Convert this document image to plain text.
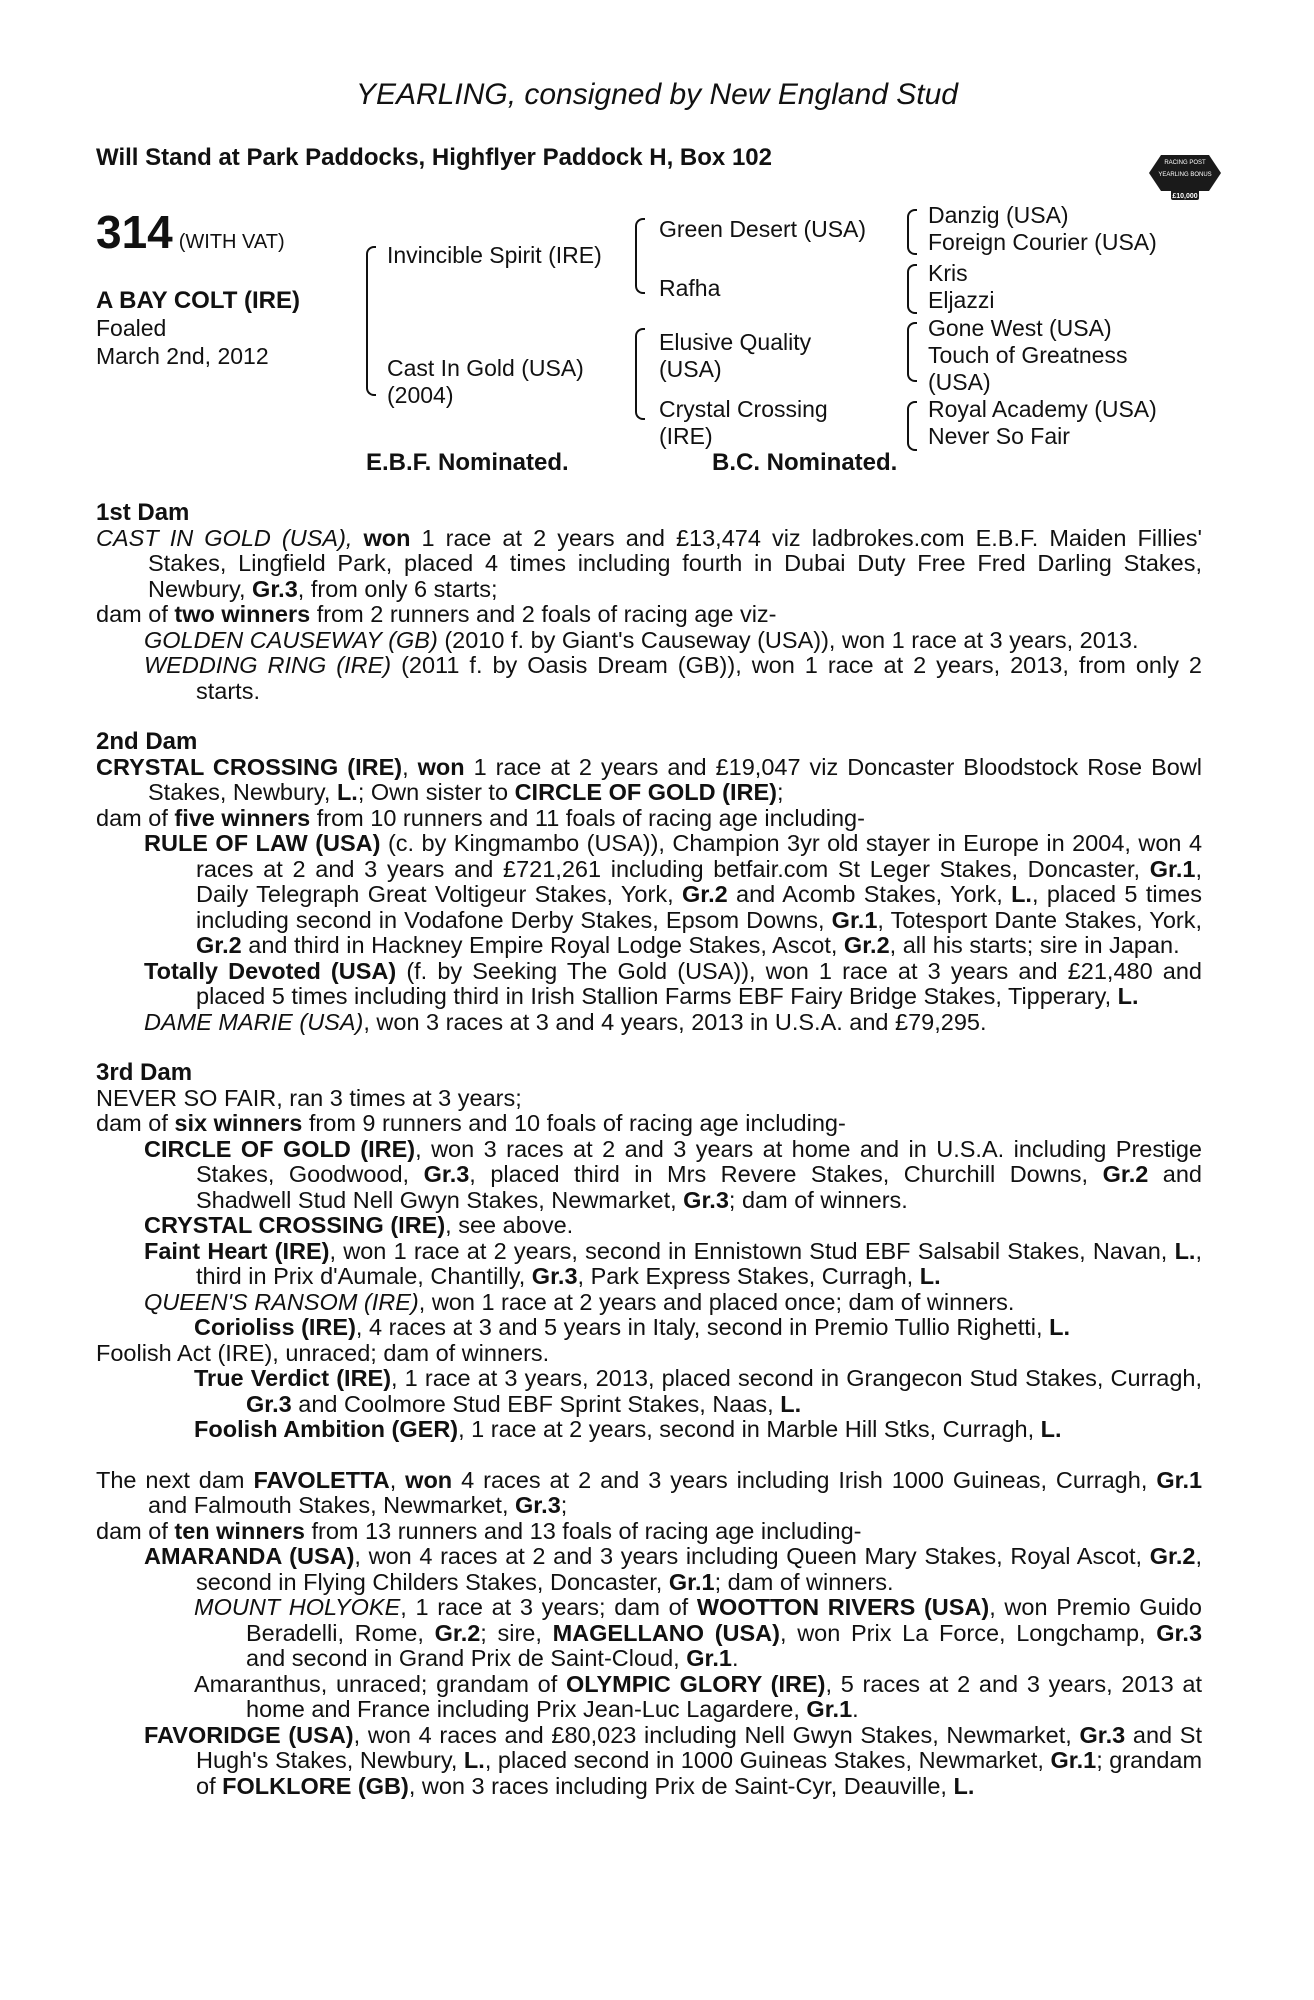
YEARLING, consigned by New England Stud
Will Stand at Park Paddocks, Highflyer Paddock H, Box 102	RACING POST
YEARLING BONUS
£10,000
314 (WITH VAT)
A BAY COLT (IRE)
Foaled
March 2nd, 2012
Invincible Spirit (IRE)
Cast In Gold (USA)
(2004)
Green Desert (USA)
Rafha
Elusive Quality
(USA)
Crystal Crossing
(IRE)
Danzig (USA)
Foreign Courier (USA)
Kris
Eljazzi
Gone West (USA)
Touch of Greatness
(USA)
Royal Academy (USA)
Never So Fair
E.B.F. Nominated.	B.C. Nominated.

1st Dam

CAST IN GOLD (USA), won 1 race at 2 years and £13,474 viz ladbrokes.com E.B.F. Maiden Fillies' Stakes, Lingfield Park, placed 4 times including fourth in Dubai Duty Free Fred Darling Stakes, Newbury, Gr.3, from only 6 starts;

dam of two winners from 2 runners and 2 foals of racing age viz-

GOLDEN CAUSEWAY (GB) (2010 f. by Giant's Causeway (USA)), won 1 race at 3 years, 2013.

WEDDING RING (IRE) (2011 f. by Oasis Dream (GB)), won 1 race at 2 years, 2013, from only 2 starts.

2nd Dam

CRYSTAL CROSSING (IRE), won 1 race at 2 years and £19,047 viz Doncaster Bloodstock Rose Bowl Stakes, Newbury, L.; Own sister to CIRCLE OF GOLD (IRE);

dam of five winners from 10 runners and 11 foals of racing age including-

RULE OF LAW (USA) (c. by Kingmambo (USA)), Champion 3yr old stayer in Europe in 2004, won 4 races at 2 and 3 years and £721,261 including betfair.com St Leger Stakes, Doncaster, Gr.1, Daily Telegraph Great Voltigeur Stakes, York, Gr.2 and Acomb Stakes, York, L., placed 5 times including second in Vodafone Derby Stakes, Epsom Downs, Gr.1, Totesport Dante Stakes, York, Gr.2 and third in Hackney Empire Royal Lodge Stakes, Ascot, Gr.2, all his starts; sire in Japan.

Totally Devoted (USA) (f. by Seeking The Gold (USA)), won 1 race at 3 years and £21,480 and placed 5 times including third in Irish Stallion Farms EBF Fairy Bridge Stakes, Tipperary, L.

DAME MARIE (USA), won 3 races at 3 and 4 years, 2013 in U.S.A. and £79,295.

3rd Dam

NEVER SO FAIR, ran 3 times at 3 years;

dam of six winners from 9 runners and 10 foals of racing age including-

CIRCLE OF GOLD (IRE), won 3 races at 2 and 3 years at home and in U.S.A. including Prestige Stakes, Goodwood, Gr.3, placed third in Mrs Revere Stakes, Churchill Downs, Gr.2 and Shadwell Stud Nell Gwyn Stakes, Newmarket, Gr.3; dam of winners.

CRYSTAL CROSSING (IRE), see above.

Faint Heart (IRE), won 1 race at 2 years, second in Ennistown Stud EBF Salsabil Stakes, Navan, L., third in Prix d'Aumale, Chantilly, Gr.3, Park Express Stakes, Curragh, L.

QUEEN'S RANSOM (IRE), won 1 race at 2 years and placed once; dam of winners.

Corioliss (IRE), 4 races at 3 and 5 years in Italy, second in Premio Tullio Righetti, L.

Foolish Act (IRE), unraced; dam of winners.

True Verdict (IRE), 1 race at 3 years, 2013, placed second in Grangecon Stud Stakes, Curragh, Gr.3 and Coolmore Stud EBF Sprint Stakes, Naas, L.

Foolish Ambition (GER), 1 race at 2 years, second in Marble Hill Stks, Curragh, L.

The next dam FAVOLETTA, won 4 races at 2 and 3 years including Irish 1000 Guineas, Curragh, Gr.1 and Falmouth Stakes, Newmarket, Gr.3;

dam of ten winners from 13 runners and 13 foals of racing age including-

AMARANDA (USA), won 4 races at 2 and 3 years including Queen Mary Stakes, Royal Ascot, Gr.2, second in Flying Childers Stakes, Doncaster, Gr.1; dam of winners.

MOUNT HOLYOKE, 1 race at 3 years; dam of WOOTTON RIVERS (USA), won Premio Guido Beradelli, Rome, Gr.2; sire, MAGELLANO (USA), won Prix La Force, Longchamp, Gr.3 and second in Grand Prix de Saint-Cloud, Gr.1.

Amaranthus, unraced; grandam of OLYMPIC GLORY (IRE), 5 races at 2 and 3 years, 2013 at home and France including Prix Jean-Luc Lagardere, Gr.1.

FAVORIDGE (USA), won 4 races and £80,023 including Nell Gwyn Stakes, Newmarket, Gr.3 and St Hugh's Stakes, Newbury, L., placed second in 1000 Guineas Stakes, Newmarket, Gr.1; grandam of FOLKLORE (GB), won 3 races including Prix de Saint-Cyr, Deauville, L.
